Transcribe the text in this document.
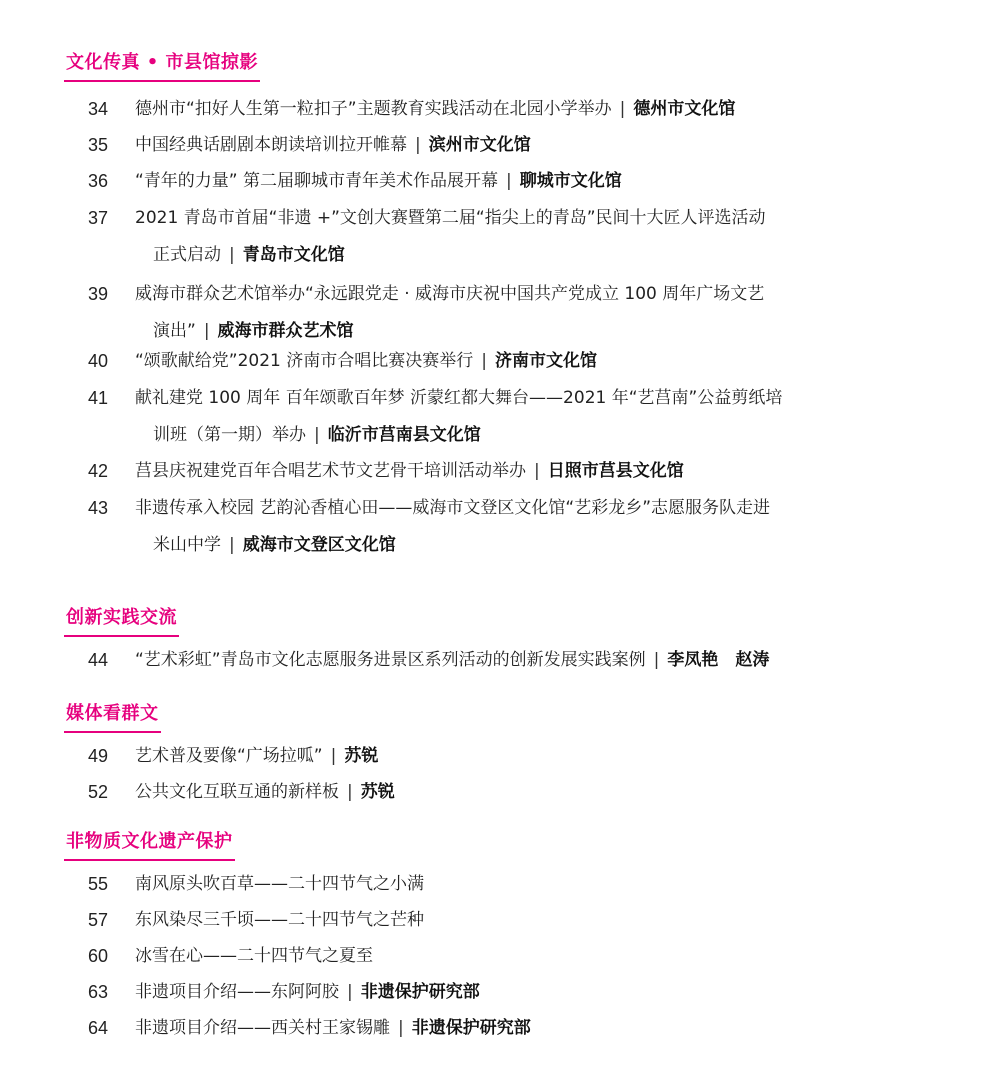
文化传真 • 市县馆掠影
34 德州市“扣好人生第一粒扣子”主题教育实践活动在北园小学举办 | 德州市文化馆
35 中国经典话剧剧本朗读培训拉开帷幕 | 滨州市文化馆
36 “青年的力量” 第二届聊城市青年美术作品展开幕 | 聊城市文化馆
37 2021 青岛市首届“非遗 +”文创大赛暨第二届“指尖上的青岛”民间十大匠人评选活动
正式启动 | 青岛市文化馆
39 威海市群众艺术馆举办“永远跟党走 · 威海市庆祝中国共产党成立 100 周年广场文艺
演出” | 威海市群众艺术馆
40 “颂歌献给党”2021 济南市合唱比赛决赛举行 | 济南市文化馆
41 献礼建党 100 周年 百年颂歌百年梦 沂蒙红都大舞台——2021 年“艺莒南”公益剪纸培
训班（第一期）举办 | 临沂市莒南县文化馆
42 莒县庆祝建党百年合唱艺术节文艺骨干培训活动举办 | 日照市莒县文化馆
43 非遗传承入校园 艺韵沁香植心田——威海市文登区文化馆“艺彩龙乡”志愿服务队走进
米山中学 | 威海市文登区文化馆
创新实践交流
44 “艺术彩虹”青岛市文化志愿服务进景区系列活动的创新发展实践案例 | 李凤艳　赵涛
媒体看群文
49 艺术普及要像“广场拉呱” | 苏锐
52 公共文化互联互通的新样板 | 苏锐
非物质文化遗产保护
55 南风原头吹百草——二十四节气之小满
57 东风染尽三千顷——二十四节气之芒种
60 冰雪在心——二十四节气之夏至
63 非遗项目介绍——东阿阿胶 | 非遗保护研究部
64 非遗项目介绍——西关村王家锡雕 | 非遗保护研究部
